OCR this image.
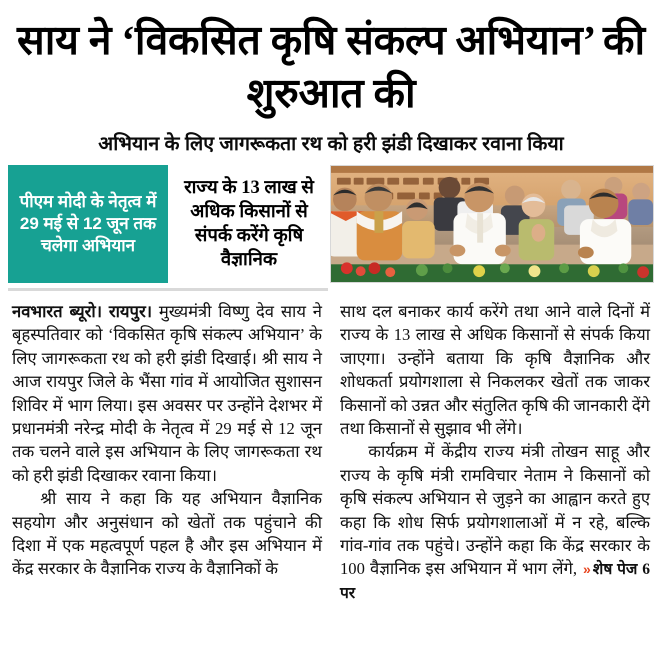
साय ने ‘विकसित कृषि संकल्प अभियान’ की शुरुआत की
अभियान के लिए जागरूकता रथ को हरी झंडी दिखाकर रवाना किया
पीएम मोदी के नेतृत्व में 29 मई से 12 जून तक चलेगा अभियान
राज्य के 13 लाख से अधिक किसानों से संपर्क करेंगे कृषि वैज्ञानिक

नवभारत ब्यूरो। रायपुर। मुख्यमंत्री विष्णु देव साय ने बृहस्पतिवार को ‘विकसित कृषि संकल्प अभियान’ के लिए जागरूकता रथ को हरी झंडी दिखाई। श्री साय ने आज रायपुर जिले के भैंसा गांव में आयोजित सुशासन शिविर में भाग लिया। इस अवसर पर उन्होंने देशभर में प्रधानमंत्री नरेन्द्र मोदी के नेतृत्व में 29 मई से 12 जून तक चलने वाले इस अभियान के लिए जागरूकता रथ को हरी झंडी दिखाकर रवाना किया।

श्री साय ने कहा कि यह अभियान वैज्ञानिक सहयोग और अनुसंधान को खेतों तक पहुंचाने की दिशा में एक महत्वपूर्ण पहल है और इस अभियान में केंद्र सरकार के वैज्ञानिक राज्य के वैज्ञानिकों के

साथ दल बनाकर कार्य करेंगे तथा आने वाले दिनों में राज्य के 13 लाख से अधिक किसानों से संपर्क किया जाएगा। उन्होंने बताया कि कृषि वैज्ञानिक और शोधकर्ता प्रयोगशाला से निकलकर खेतों तक जाकर किसानों को उन्नत और संतुलित कृषि की जानकारी देंगे तथा किसानों से सुझाव भी लेंगे।

कार्यक्रम में केंद्रीय राज्य मंत्री तोखन साहू और राज्य के कृषि मंत्री रामविचार नेताम ने किसानों को कृषि संकल्प अभियान से जुड़ने का आह्वान करते हुए कहा कि शोध सिर्फ प्रयोगशालाओं में न रहे, बल्कि गांव-गांव तक पहुंचे। उन्होंने कहा कि केंद्र सरकार के 100 वैज्ञानिक इस अभियान में भाग लेंगे, » शेष पेज 6 पर
